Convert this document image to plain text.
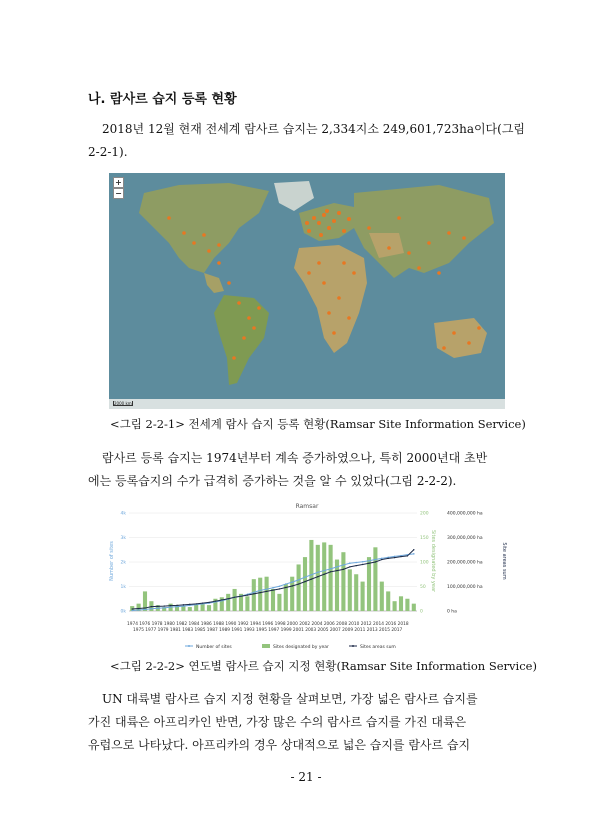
나. 람사르 습지 등록 현황
2018년 12월 현재 전세계 람사르 습지는 2,334지소 249,601,723ha이다(그림
2-2-1).
+
−
2000 km
<그림 2-2-1> 전세계 람사 습지 등록 현황(Ramsar Site Information Service)
람사르 등록 습지는 1974년부터 계속 증가하였으나, 특히 2000년대 초반
에는 등록습지의 수가 급격히 증가하는 것을 알 수 있었다(그림 2-2-2).
Ramsar
Number of sites	Sites designated by year	Site areas sum
4k	200	400,000,000 ha
3k	150	300,000,000 ha
2k	100	200,000,000 ha
1k	50	100,000,000 ha
0k	0	0 ha
1974 1976 1978 1980 1982 1984 1986 1988 1990 1992 1994 1996 1998 2000 2002 2004 2006 2008 2010 2012 2014 2016 2018
1975 1977 1979 1981 1983 1985 1987 1989 1991 1993 1995 1997 1999 2001 2003 2005 2007 2009 2011 2013 2015 2017
Number of sites	Sites designated by year	Sites areas sum
<그림 2-2-2> 연도별 람사르 습지 지정 현황(Ramsar Site Information Service)
UN 대륙별 람사르 습지 지정 현황을 살펴보면, 가장 넓은 람사르 습지를
가진 대륙은 아프리카인 반면, 가장 많은 수의 람사르 습지를 가진 대륙은
유럽으로 나타났다. 아프리카의 경우 상대적으로 넓은 습지를 람사르 습지
- 21 -
